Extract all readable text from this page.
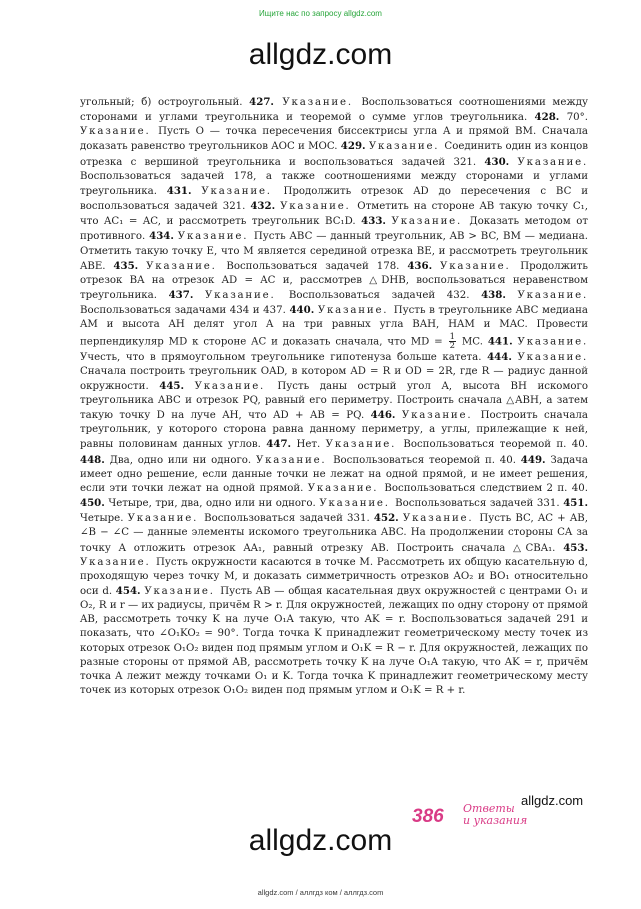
Ищите нас по запросу allgdz.com
allgdz.com

угольный; б) остроугольный. 427. Указание. Воспользоваться соотношениями между сторонами и углами треугольника и теоремой о сумме углов треугольника. 428. 70°. Указание. Пусть O — точка пересечения биссектрисы угла A и прямой BM. Сначала доказать равенство треугольников AOC и MOC. 429. Указание. Соединить один из концов отрезка с вершиной треугольника и воспользоваться задачей 321. 430. Указание. Воспользоваться задачей 178, а также соотношениями между сторонами и углами треугольника. 431. Указание. Продолжить отрезок AD до пересечения с BC и воспользоваться задачей 321. 432. Указание. Отметить на стороне AB такую точку C₁, что AC₁ = AC, и рассмотреть треугольник BC₁D. 433. Указание. Доказать методом от противного. 434. Указание. Пусть ABC — данный треугольник, AB > BC, BM — медиана. Отметить такую точку E, что M является серединой отрезка BE, и рассмотреть треугольник ABE. 435. Указание. Воспользоваться задачей 178. 436. Указание. Продолжить отрезок BA на отрезок AD = AC и, рассмотрев △DHB, воспользоваться неравенством треугольника. 437. Указание. Воспользоваться задачей 432. 438. Указание. Воспользоваться задачами 434 и 437. 440. Указание. Пусть в треугольнике ABC медиана AM и высота AH делят угол A на три равных угла BAH, HAM и MAC. Провести перпендикуляр MD к стороне AC и доказать сначала, что MD = $\frac{1}{2}$ MC. 441. Указание. Учесть, что в прямоугольном треугольнике гипотенуза больше катета. 444. Указание. Сначала построить треугольник OAD, в котором AD = R и OD = 2R, где R — радиус данной окружности. 445. Указание. Пусть даны острый угол A, высота BH искомого треугольника ABC и отрезок PQ, равный его периметру. Построить сначала △ABH, а затем такую точку D на луче AH, что AD + AB = PQ. 446. Указание. Построить сначала треугольник, у которого сторона равна данному периметру, а углы, прилежащие к ней, равны половинам данных углов. 447. Нет. Указание. Воспользоваться теоремой п. 40. 448. Два, одно или ни одного. Указание. Воспользоваться теоремой п. 40. 449. Задача имеет одно решение, если данные точки не лежат на одной прямой, и не имеет решения, если эти точки лежат на одной прямой. Указание. Воспользоваться следствием 2 п. 40. 450. Четыре, три, два, одно или ни одного. Указание. Воспользоваться задачей 331. 451. Четыре. Указание. Воспользоваться задачей 331. 452. Указание. Пусть BC, AC + AB, ∠B − ∠C — данные элементы искомого треугольника ABC. На продолжении стороны CA за точку A отложить отрезок AA₁, равный отрезку AB. Построить сначала △CBA₁. 453. Указание. Пусть окружности касаются в точке M. Рассмотреть их общую касательную d, проходящую через точку M, и доказать симметричность отрезков AO₂ и BO₁ относительно оси d. 454. Указание. Пусть AB — общая касательная двух окружностей с центрами O₁ и O₂, R и r — их радиусы, причём R > r. Для окружностей, лежащих по одну сторону от прямой AB, рассмотреть точку K на луче O₁A такую, что AK = r. Воспользоваться задачей 291 и показать, что ∠O₁KO₂ = 90°. Тогда точка K принадлежит геометрическому месту точек из которых отрезок O₁O₂ виден под прямым углом и O₁K = R − r. Для окружностей, лежащих по разные стороны от прямой AB, рассмотреть точку K на луче O₁A такую, что AK = r, причём точка A лежит между точками O₁ и K. Тогда точка K принадлежит геометрическому месту точек из которых отрезок O₁O₂ виден под прямым углом и O₁K = R + r.

allgdz.com
386 Ответы
и указания
allgdz.com
allgdz.com / аллгдз ком / аллгдз.com
